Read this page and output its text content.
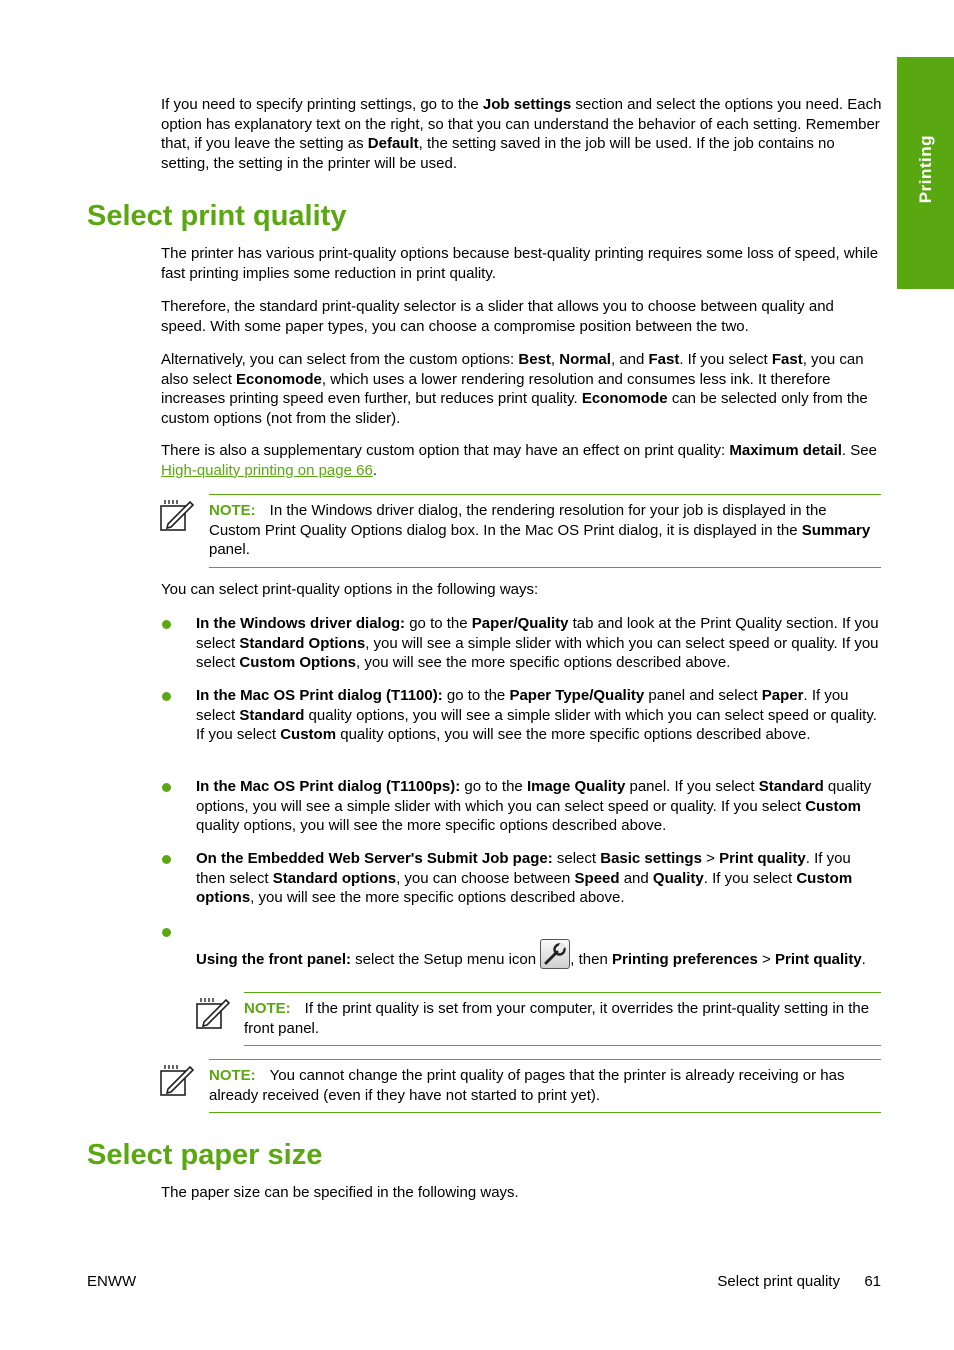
Printing

If you need to specify printing settings, go to the Job settings section and select the options you need. Each option has explanatory text on the right, so that you can understand the behavior of each setting. Remember that, if you leave the setting as Default, the setting saved in the job will be used. If the job contains no setting, the setting in the printer will be used.

Select print quality

The printer has various print-quality options because best-quality printing requires some loss of speed, while fast printing implies some reduction in print quality.

Therefore, the standard print-quality selector is a slider that allows you to choose between quality and speed. With some paper types, you can choose a compromise position between the two.

Alternatively, you can select from the custom options: Best, Normal, and Fast. If you select Fast, you can also select Economode, which uses a lower rendering resolution and consumes less ink. It therefore increases printing speed even further, but reduces print quality. Economode can be selected only from the custom options (not from the slider).

There is also a supplementary custom option that may have an effect on print quality: Maximum detail. See High-quality printing on page 66.

NOTE: In the Windows driver dialog, the rendering resolution for your job is displayed in the Custom Print Quality Options dialog box. In the Mac OS Print dialog, it is displayed in the Summary panel.

You can select print-quality options in the following ways:

In the Windows driver dialog: go to the Paper/Quality tab and look at the Print Quality section. If you select Standard Options, you will see a simple slider with which you can select speed or quality. If you select Custom Options, you will see the more specific options described above.

In the Mac OS Print dialog (T1100): go to the Paper Type/Quality panel and select Paper. If you select Standard quality options, you will see a simple slider with which you can select speed or quality. If you select Custom quality options, you will see the more specific options described above.

In the Mac OS Print dialog (T1100ps): go to the Image Quality panel. If you select Standard quality options, you will see a simple slider with which you can select speed or quality. If you select Custom quality options, you will see the more specific options described above.

On the Embedded Web Server's Submit Job page: select Basic settings > Print quality. If you then select Standard options, you can choose between Speed and Quality. If you select Custom options, you will see the more specific options described above.

Using the front panel: select the Setup menu icon , then Printing preferences > Print quality.

NOTE: If the print quality is set from your computer, it overrides the print-quality setting in the front panel.
NOTE: You cannot change the print quality of pages that the printer is already receiving or has already received (even if they have not started to print yet).
Select paper size

The paper size can be specified in the following ways.

ENWW	Select print quality 61
